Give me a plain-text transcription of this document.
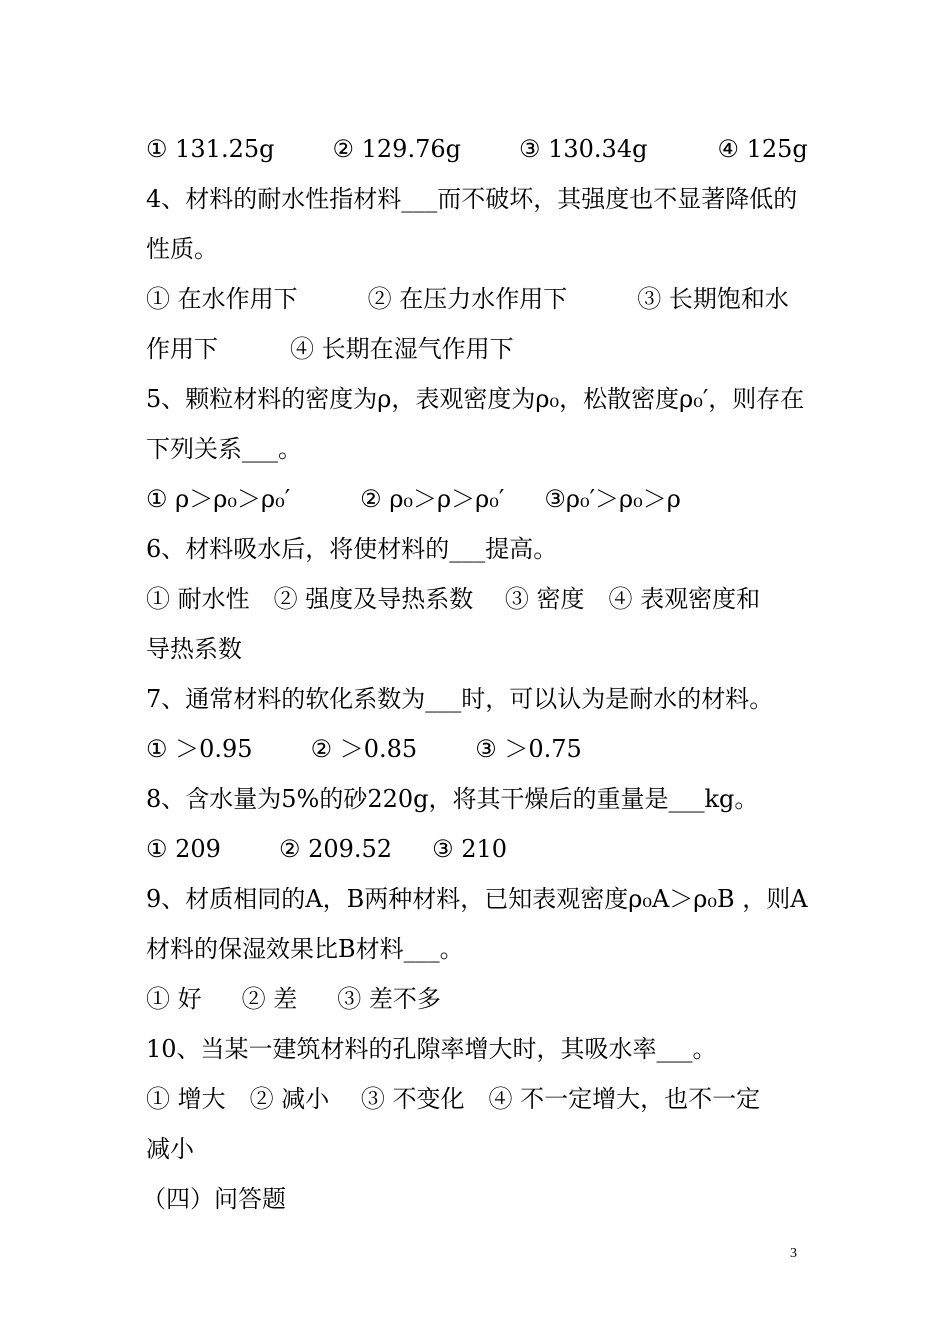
① 131.25g ② 129.76g ③ 130.34g	④ 125g
4、材料的耐水性指材料___而不破坏，其强度也不显著降低的
性质。
① 在水作用下	② 在压力水作用下	③ 长期饱和水
作用下　　　④ 长期在湿气作用下
5、颗粒材料的密度为ρ，表观密度为ρ₀，松散密度ρ₀′，则存在
下列关系___。
① ρ＞ρ₀＞ρ₀′	② ρ₀＞ρ＞ρ₀′ ③ρ₀′＞ρ₀＞ρ
6、材料吸水后，将使材料的___提高。
① 耐水性　② 强度及导热系数　 ③ 密度　④ 表观密度和
导热系数
7、通常材料的软化系数为___时，可以认为是耐水的材料。
① ＞0.95 ② ＞0.85 ③ ＞0.75
8、含水量为5%的砂220g，将其干燥后的重量是___kg。
① 209 ② 209.52 ③ 210
9、材质相同的A，B两种材料，已知表观密度ρ₀A＞ρ₀B ，则A
材料的保湿效果比B材料___。
① 好 ② 差 ③ 差不多
10、当某一建筑材料的孔隙率增大时，其吸水率___。
① 增大　② 减小　 ③ 不变化　④ 不一定增大，也不一定
减小
（四）问答题
3
